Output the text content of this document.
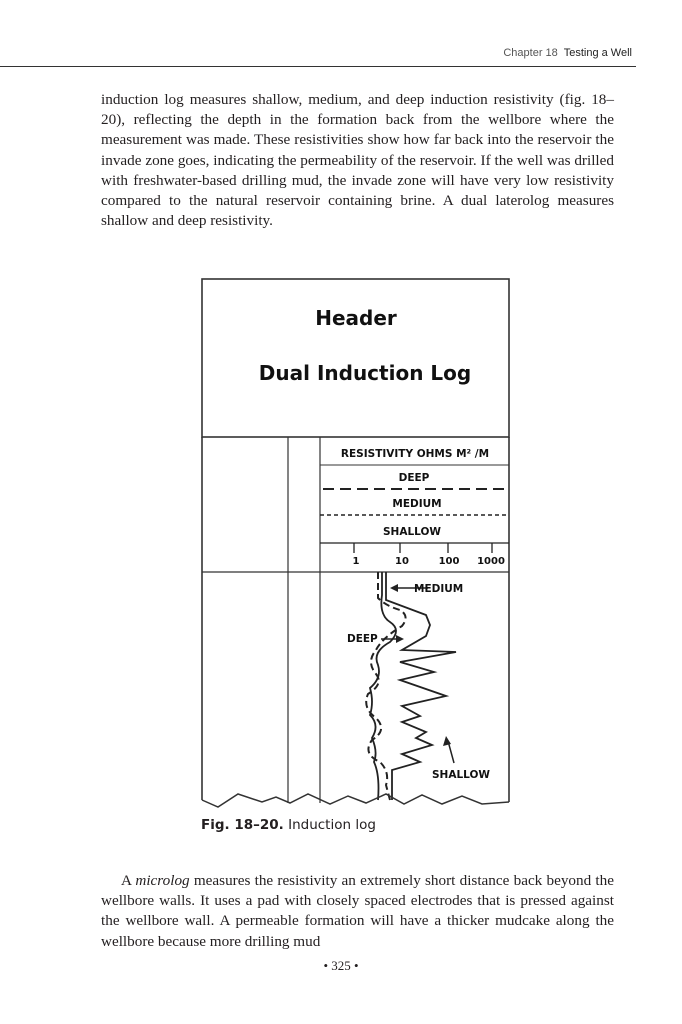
Chapter 18 Testing a Well

induction log measures shallow, medium, and deep induction resistivity (fig. 18–20), reflecting the depth in the formation back from the wellbore where the measurement was made. These resistivities show how far back into the reservoir the invade zone goes, indicating the permeability of the reservoir. If the well was drilled with freshwater-based drilling mud, the invade zone will have very low resistivity compared to the natural reservoir containing brine. A dual laterolog measures shallow and deep resistivity.

Header
Dual Induction Log
RESISTIVITY OHMS M² /M
DEEP
MEDIUM
SHALLOW
1	10	100 1000
MEDIUM
DEEP
SHALLOW
Fig. 18–20. Induction log

A microlog measures the resistivity an extremely short distance back beyond the wellbore walls. It uses a pad with closely spaced electrodes that is pressed against the wellbore wall. A permeable formation will have a thicker mudcake along the wellbore because more drilling mud

• 325 •
